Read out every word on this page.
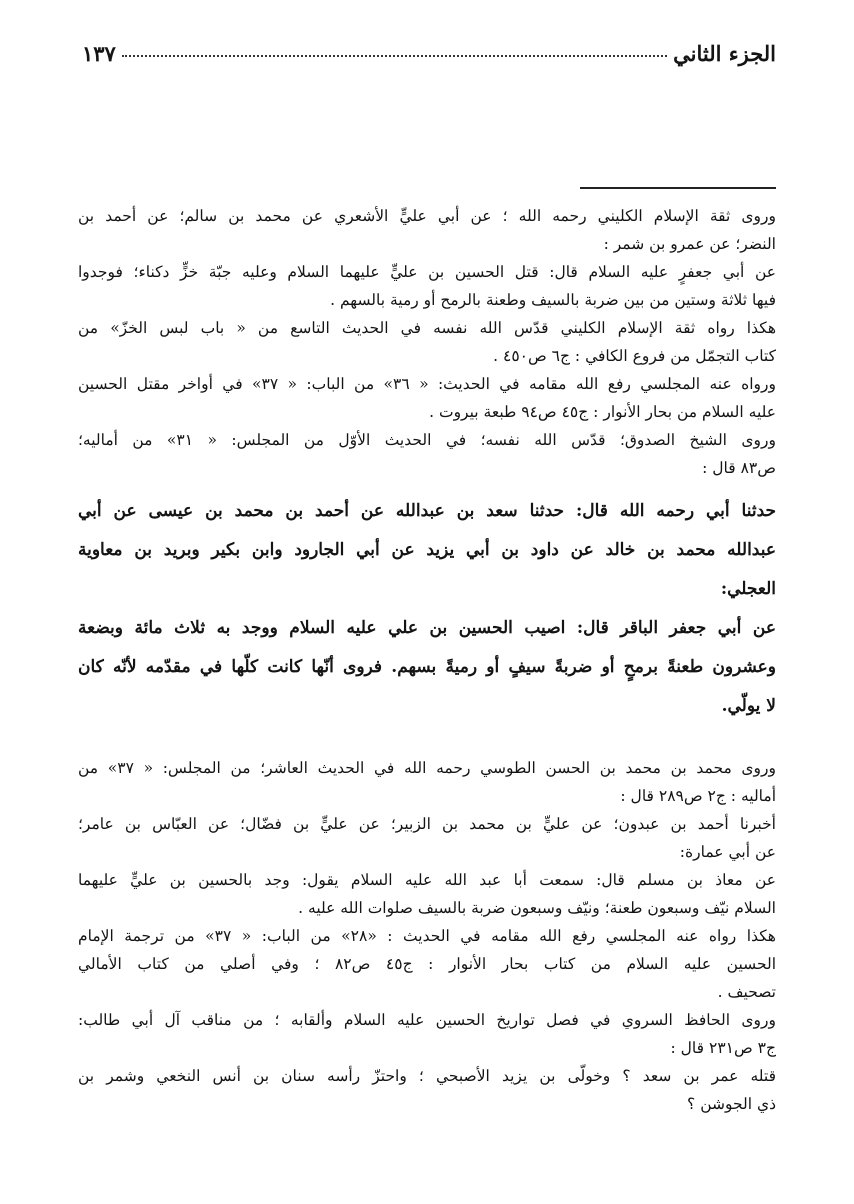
الجزء الثاني
١٣٧
وروى ثقة الإسلام الكليني رحمه الله ؛ عن أبي عليٍّ الأشعري عن محمد بن سالم؛ عن أحمد بن
النضر؛ عن عمرو بن شمر :
عن أبي جعفرٍ عليه السلام قال: قتل الحسين بن عليٍّ عليهما السلام وعليه جبّة خزٍّ دكناء؛ فوجدوا
فيها ثلاثة وستين من بين ضربة بالسيف وطعنة بالرمح أو رمية بالسهم .
هكذا رواه ثقة الإسلام الكليني قدّس الله نفسه في الحديث التاسع من « باب لبس الخزّ» من
كتاب التجمّل من فروع الكافي : ج٦ ص٤٥٠ .
ورواه عنه المجلسي رفع الله مقامه في الحديث: « ٣٦» من الباب: « ٣٧» في أواخر مقتل الحسين
عليه السلام من بحار الأنوار : ج٤٥ ص٩٤ طبعة بيروت .
وروى الشيخ الصدوق؛ قدّس الله نفسه؛ في الحديث الأوّل من المجلس: « ٣١» من أماليه؛
ص٨٣ قال :
حدثنا أبي رحمه الله قال: حدثنا سعد بن عبدالله عن أحمد بن محمد بن عيسى عن أبي
عبدالله محمد بن خالد عن داود بن أبي يزيد عن أبي الجارود وابن بكير وبريد بن معاوية
العجلي:
عن أبي جعفر الباقر قال: اصيب الحسين بن علي عليه السلام ووجد به ثلاث مائة وبضعة
وعشرون طعنةً برمحٍ أو ضربةً سيفٍ أو رميةً بسهم. فروى أنّها كانت كلّها في مقدّمه لأنّه كان
لا يولّي.
وروى محمد بن محمد بن الحسن الطوسي رحمه الله في الحديث العاشر؛ من المجلس: « ٣٧» من
أماليه : ج٢ ص٢٨٩ قال :
أخبرنا أحمد بن عبدون؛ عن عليٍّ بن محمد بن الزبير؛ عن عليٍّ بن فضّال؛ عن العبّاس بن عامر؛
عن أبي عمارة:
عن معاذ بن مسلم قال: سمعت أبا عبد الله عليه السلام يقول: وجد بالحسين بن عليٍّ عليهما
السلام نيّف وسبعون طعنة؛ ونيّف وسبعون ضربة بالسيف صلوات الله عليه .
هكذا رواه عنه المجلسي رفع الله مقامه في الحديث : «٢٨» من الباب: « ٣٧» من ترجمة الإمام
الحسين عليه السلام من كتاب بحار الأنوار : ج٤٥ ص٨٢ ؛ وفي أصلي من كتاب الأمالي
تصحيف .
وروى الحافظ السروي في فصل تواريخ الحسين عليه السلام وألقابه ؛ من مناقب آل أبي طالب:
ج٣ ص٢٣١ قال :
قتله عمر بن سعد ؟ وخولّى بن يزيد الأصبحي ؛ واحتزّ رأسه سنان بن أنس النخعي وشمر بن
ذي الجوشن ؟
